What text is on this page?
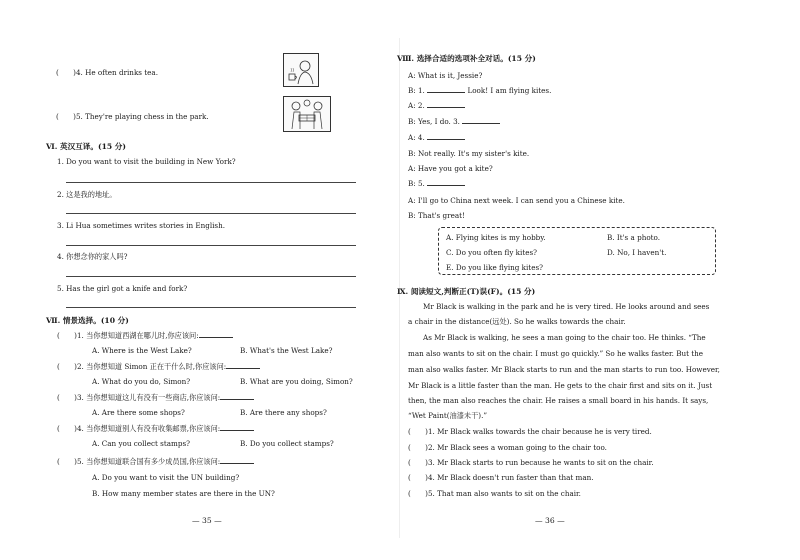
(　　)4. He often drinks tea.
(　　)5. They're playing chess in the park.
Ⅵ. 英汉互译。(15 分)
1. Do you want to visit the building in New York?
2. 这是我的地址。
3. Li Hua sometimes writes stories in English.
4. 你想念你的家人吗?
5. Has the girl got a knife and fork?
Ⅶ. 情景选择。(10 分)
(　　)1. 当你想知道西湖在哪儿时,你应该问:
A. Where is the West Lake?	B. What's the West Lake?
(　　)2. 当你想知道 Simon 正在干什么时,你应该问:
A. What do you do, Simon?	B. What are you doing, Simon?
(　　)3. 当你想知道这儿有没有一些商店,你应该问:
A. Are there some shops?	B. Are there any shops?
(　　)4. 当你想知道别人有没有收集邮票,你应该问:
A. Can you collect stamps?	B. Do you collect stamps?
(　　)5. 当你想知道联合国有多少成员国,你应该问:
A. Do you want to visit the UN building?
B. How many member states are there in the UN?
— 35 —
Ⅷ. 选择合适的选项补全对话。(15 分)
A: What is it, Jessie?
B: 1.	Look! I am flying kites.
A: 2.
B: Yes, I do. 3.
A: 4.
B: Not really. It's my sister's kite.
A: Have you got a kite?
B: 5.
A: I'll go to China next week. I can send you a Chinese kite.
B: That's great!
A. Flying kites is my hobby.	B. It's a photo.
C. Do you often fly kites?	D. No, I haven't.
E. Do you like flying kites?
Ⅸ. 阅读短文,判断正(T)误(F)。(15 分)
Mr Black is walking in the park and he is very tired. He looks around and sees
a chair in the distance(远处). So he walks towards the chair.
As Mr Black is walking, he sees a man going to the chair too. He thinks. “The
man also wants to sit on the chair. I must go quickly.” So he walks faster. But the
man also walks faster. Mr Black starts to run and the man starts to run too. However,
Mr Black is a little faster than the man. He gets to the chair first and sits on it. Just
then, the man also reaches the chair. He raises a small board in his hands. It says,
“Wet Paint(油漆未干).”
(　　)1. Mr Black walks towards the chair because he is very tired.
(　　)2. Mr Black sees a woman going to the chair too.
(　　)3. Mr Black starts to run because he wants to sit on the chair.
(　　)4. Mr Black doesn't run faster than that man.
(　　)5. That man also wants to sit on the chair.
— 36 —
